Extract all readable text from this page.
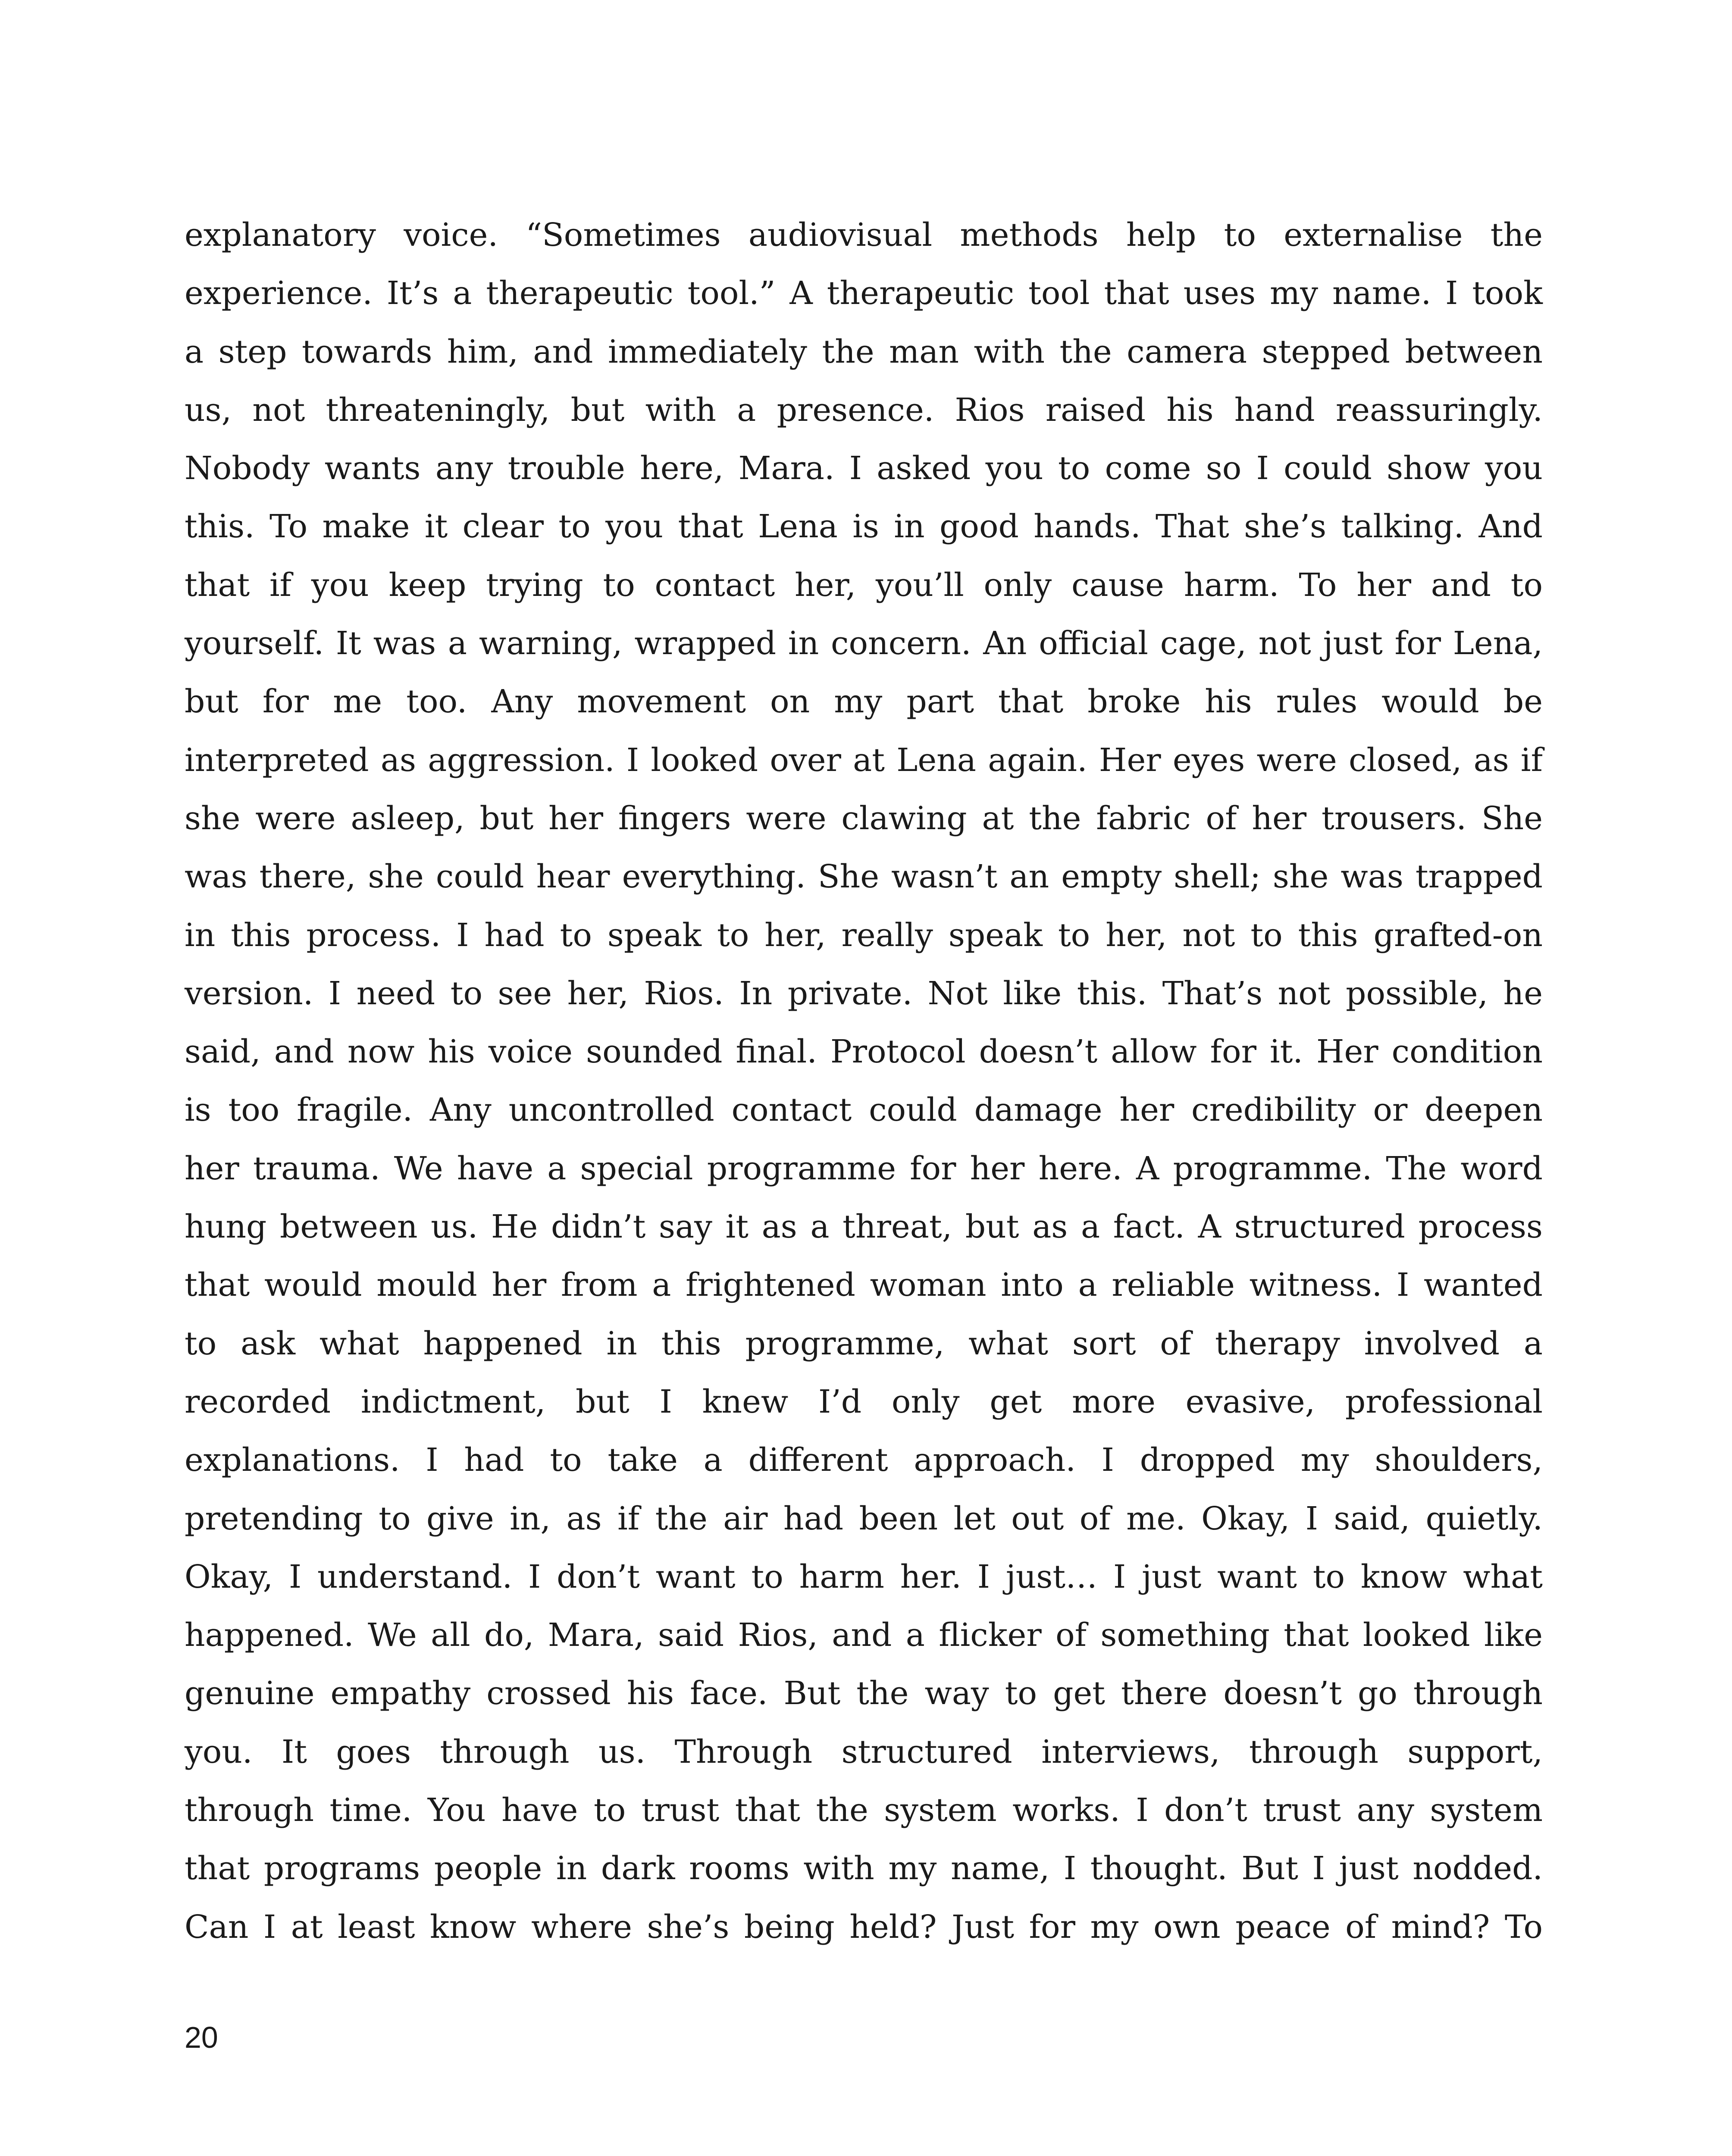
explanatory voice. “Sometimes audiovisual methods help to externalise the
experience. It’s a therapeutic tool.” A therapeutic tool that uses my name. I took
a step towards him, and immediately the man with the camera stepped between
us, not threateningly, but with a presence. Rios raised his hand reassuringly.
Nobody wants any trouble here, Mara. I asked you to come so I could show you
this. To make it clear to you that Lena is in good hands. That she’s talking. And
that if you keep trying to contact her, you’ll only cause harm. To her and to
yourself. It was a warning, wrapped in concern. An official cage, not just for Lena,
but for me too. Any movement on my part that broke his rules would be
interpreted as aggression. I looked over at Lena again. Her eyes were closed, as if
she were asleep, but her fingers were clawing at the fabric of her trousers. She
was there, she could hear everything. She wasn’t an empty shell; she was trapped
in this process. I had to speak to her, really speak to her, not to this grafted-on
version. I need to see her, Rios. In private. Not like this. That’s not possible, he
said, and now his voice sounded final. Protocol doesn’t allow for it. Her condition
is too fragile. Any uncontrolled contact could damage her credibility or deepen
her trauma. We have a special programme for her here. A programme. The word
hung between us. He didn’t say it as a threat, but as a fact. A structured process
that would mould her from a frightened woman into a reliable witness. I wanted
to ask what happened in this programme, what sort of therapy involved a
recorded indictment, but I knew I’d only get more evasive, professional
explanations. I had to take a different approach. I dropped my shoulders,
pretending to give in, as if the air had been let out of me. Okay, I said, quietly.
Okay, I understand. I don’t want to harm her. I just… I just want to know what
happened. We all do, Mara, said Rios, and a flicker of something that looked like
genuine empathy crossed his face. But the way to get there doesn’t go through
you. It goes through us. Through structured interviews, through support,
through time. You have to trust that the system works. I don’t trust any system
that programs people in dark rooms with my name, I thought. But I just nodded.
Can I at least know where she’s being held? Just for my own peace of mind? To
20
